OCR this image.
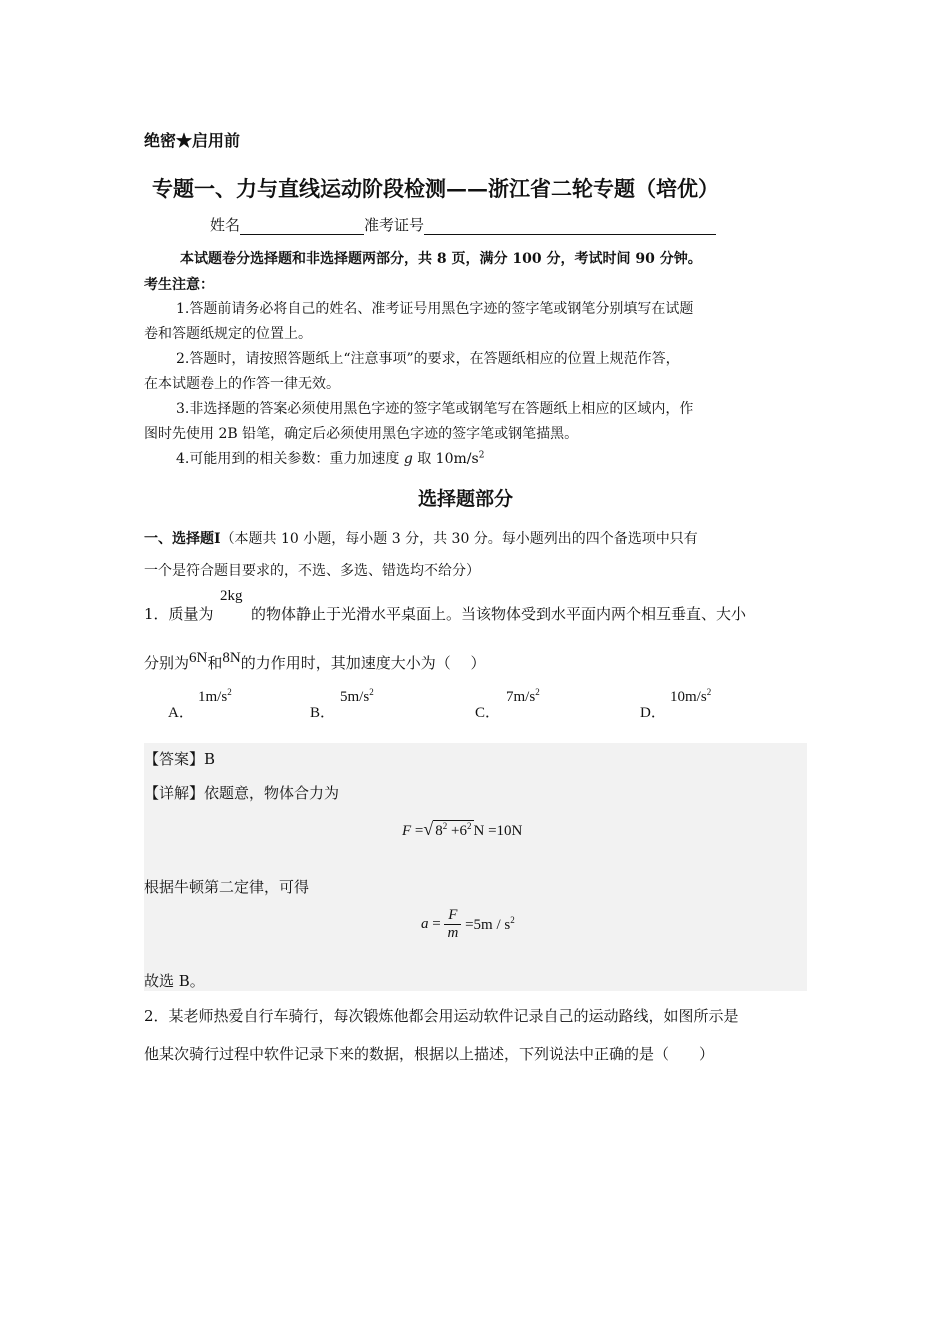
绝密★启用前
专题一、力与直线运动阶段检测——浙江省二轮专题（培优）
姓名	准考证号
本试题卷分选择题和非选择题两部分，共 8 页，满分 100 分，考试时间 90 分钟。
考生注意：
1.答题前请务必将自己的姓名、准考证号用黑色字迹的签字笔或钢笔分别填写在试题
卷和答题纸规定的位置上。
2.答题时，请按照答题纸上“注意事项”的要求，在答题纸相应的位置上规范作答，
在本试题卷上的作答一律无效。
3.非选择题的答案必须使用黑色字迹的签字笔或钢笔写在答题纸上相应的区域内，作
图时先使用 2B 铅笔，确定后必须使用黑色字迹的签字笔或钢笔描黑。
4.可能用到的相关参数：重力加速度 g 取 $10m/s^2$
选择题部分
一、选择题Ⅰ（本题共 10 小题，每小题 3 分，共 30 分。每小题列出的四个备选项中只有
一个是符合题目要求的，不选、多选、错选均不给分）
1．质量为
2kg
的物体静止于光滑水平桌面上。当该物体受到水平面内两个相互垂直、大小
分别为6N和8N的力作用时，其加速度大小为（　 ）
A．
$1m/s^2$
B．
$5m/s^2$
C．
$7m/s^2$
D．
$10m/s^2$
【答案】B
【详解】依题意，物体合力为
F =√ $8^2 +6^2$ N =10N
根据牛顿第二定律，可得
$a = \frac{F}{m} =5m / s^2$
故选 B。
2．某老师热爱自行车骑行，每次锻炼他都会用运动软件记录自己的运动路线，如图所示是
他某次骑行过程中软件记录下来的数据，根据以上描述，下列说法中正确的是（　　）
